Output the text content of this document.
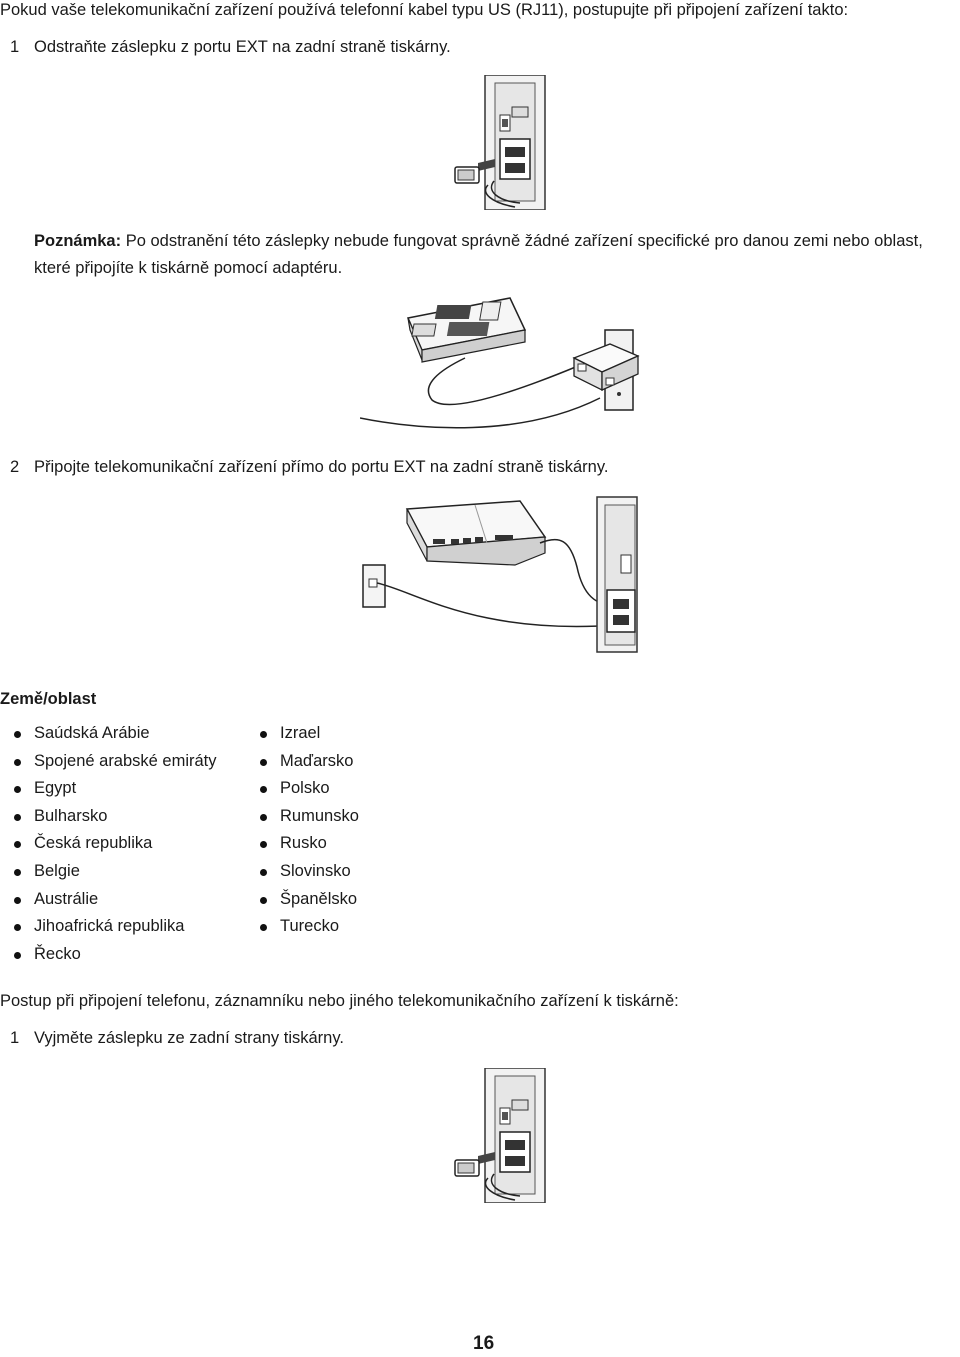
Pokud vaše telekomunikační zařízení používá telefonní kabel typu US (RJ11), postupujte při připojení zařízení takto:
1 Odstraňte záslepku z portu EXT na zadní straně tiskárny.
Poznámka: Po odstranění této záslepky nebude fungovat správně žádné zařízení specifické pro danou zemi nebo oblast, které připojíte k tiskárně pomocí adaptéru.
2 Připojte telekomunikační zařízení přímo do portu EXT na zadní straně tiskárny.
Země/oblast
Saúdská Arábie
Spojené arabské emiráty
Egypt
Bulharsko
Česká republika
Belgie
Austrálie
Jihoafrická republika
Řecko
Izrael
Maďarsko
Polsko
Rumunsko
Rusko
Slovinsko
Španělsko
Turecko
Postup při připojení telefonu, záznamníku nebo jiného telekomunikačního zařízení k tiskárně:
1 Vyjměte záslepku ze zadní strany tiskárny.
16
